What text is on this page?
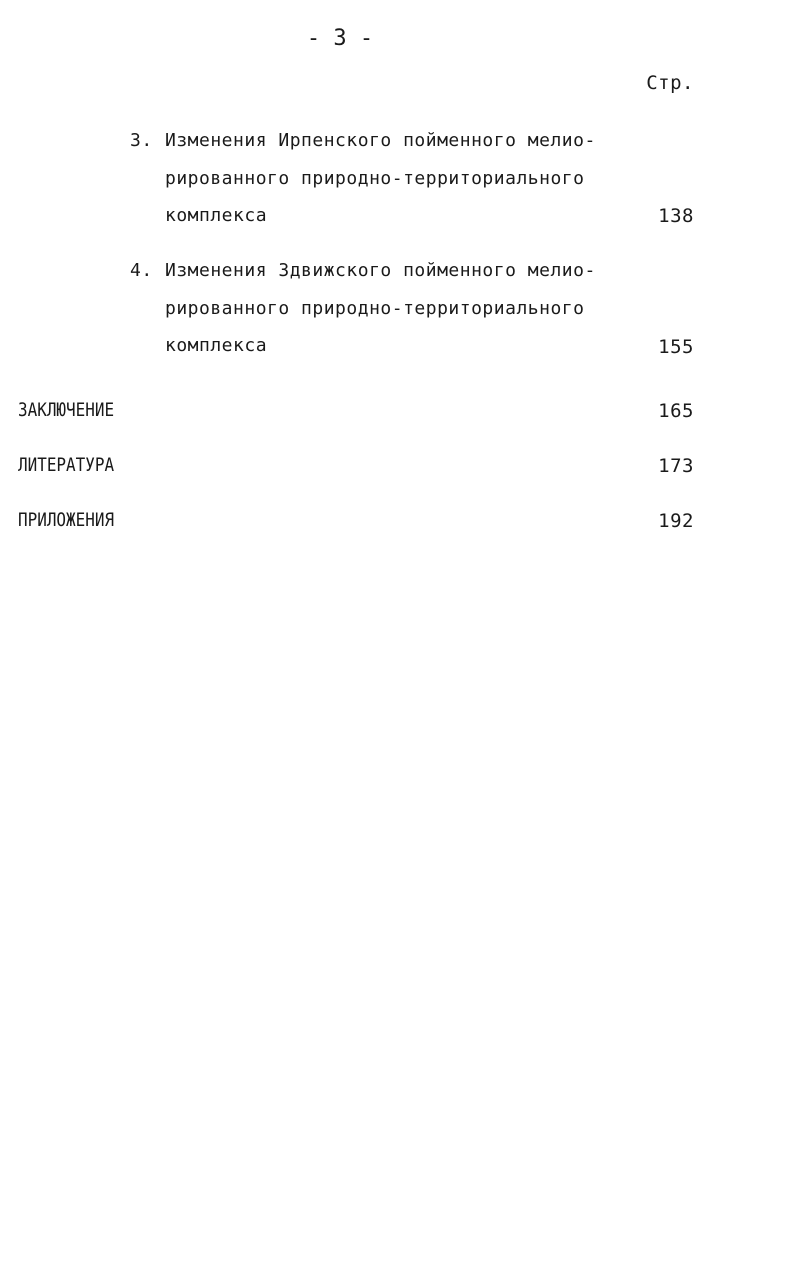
- 3 -
Стр.
3. Изменения Ирпенского пойменного мелио-
рированного природно-территориального
комплекса	138
4. Изменения Здвижского пойменного мелио-
рированного природно-территориального
комплекса	155
ЗАКЛЮЧЕНИЕ	165
ЛИТЕРАТУРА	173
ПРИЛОЖЕНИЯ	192
